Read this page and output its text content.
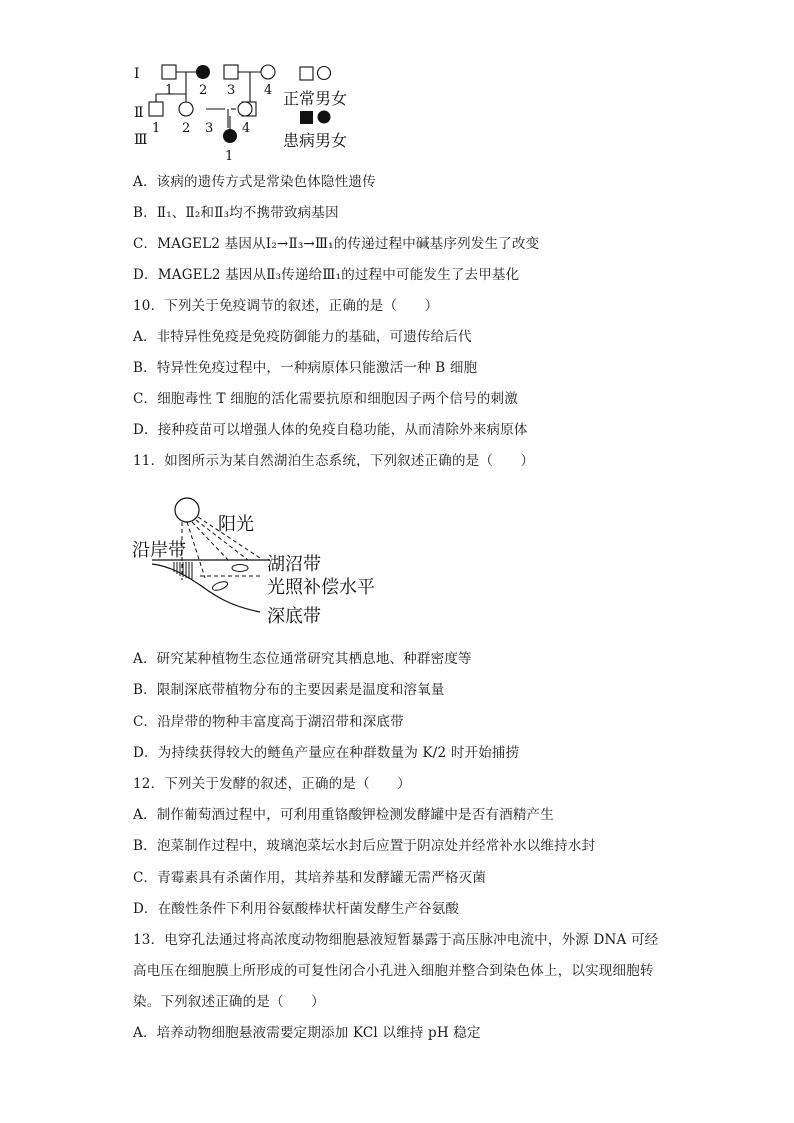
Ⅰ
Ⅱ
Ⅲ
1 2 3 4
1 2 3 4
1
正常男女
患病男女
A．该病的遗传方式是常染色体隐性遗传
B．Ⅱ₁、Ⅱ₂和Ⅱ₃均不携带致病基因
C．MAGEL2 基因从Ⅰ₂→Ⅱ₃→Ⅲ₁的传递过程中碱基序列发生了改变
D．MAGEL2 基因从Ⅱ₃传递给Ⅲ₁的过程中可能发生了去甲基化
10．下列关于免疫调节的叙述，正确的是（　　）
A．非特异性免疫是免疫防御能力的基础，可遗传给后代
B．特异性免疫过程中，一种病原体只能激活一种 B 细胞
C．细胞毒性 T 细胞的活化需要抗原和细胞因子两个信号的刺激
D．接种疫苗可以增强人体的免疫自稳功能，从而清除外来病原体
11．如图所示为某自然湖泊生态系统，下列叙述正确的是（　　）
阳光
沿岸带
湖沼带
光照补偿水平
深底带
A．研究某种植物生态位通常研究其栖息地、种群密度等
B．限制深底带植物分布的主要因素是温度和溶氧量
C．沿岸带的物种丰富度高于湖沼带和深底带
D．为持续获得较大的鲢鱼产量应在种群数量为 K/2 时开始捕捞
12．下列关于发酵的叙述，正确的是（　　）
A．制作葡萄酒过程中，可利用重铬酸钾检测发酵罐中是否有酒精产生
B．泡菜制作过程中，玻璃泡菜坛水封后应置于阴凉处并经常补水以维持水封
C．青霉素具有杀菌作用，其培养基和发酵罐无需严格灭菌
D．在酸性条件下利用谷氨酸棒状杆菌发酵生产谷氨酸
13．电穿孔法通过将高浓度动物细胞悬液短暂暴露于高压脉冲电流中，外源 DNA 可经高电压在细胞膜上所形成的可复性闭合小孔进入细胞并整合到染色体上，以实现细胞转染。下列叙述正确的是（　　）
A．培养动物细胞悬液需要定期添加 KCl 以维持 pH 稳定
